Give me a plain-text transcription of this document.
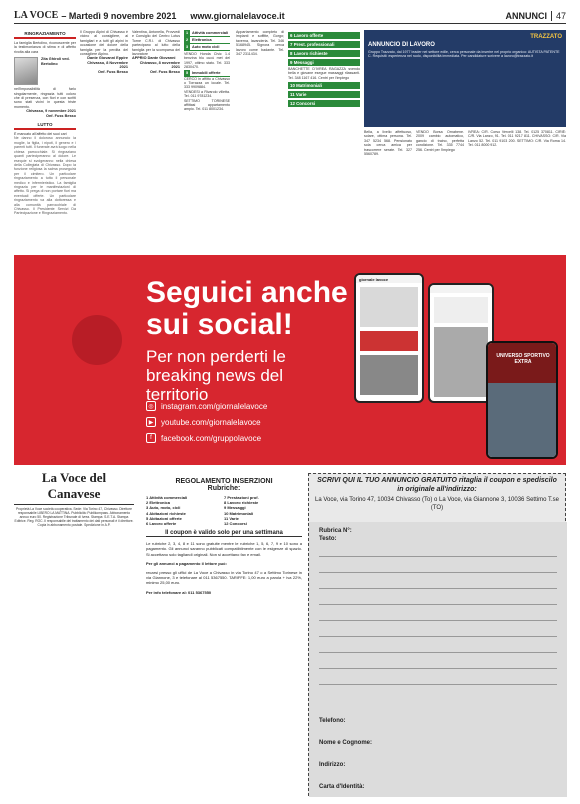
LA VOCE – Martedì 9 novembre 2021 www.giornalelavoce.it	ANNUNCI	47
RINGRAZIAMENTO
La famiglia Bertolino, riconoscente per la testimonianza di stima e di affetto rivolta alla cara
Zita Ghiroli ved. Bertolino
nell'impossibilità di farlo singolarmente, ringrazia tutti coloro che di presenza, con fiori e con scritti sono stati vicini in questa triste momento.
Chivasso, 9 novembre 2021
Onf. Fuss Besso
LUTTO
È mancato all'affetto dei suoi cari
Ne danno il doloroso annuncio la moglie, la figlia, i nipoti, il genero e i parenti tutti. Il funerale avrà luogo nella chiesa parrocchiale. Si ringraziano quanti parteciperanno al dolore. Le esequie si svolgeranno nella chiesa della Collegiata di Chivasso. Dopo la funzione religiosa la salma proseguirà per il cimitero. Un particolare ringraziamento a tutto il personale medico e infermieristico. La famiglia ringrazia per le manifestazioni di affetto. Si prega di non portare fiori ma eventuali offerte. Un particolare ringraziamento va alla dottoressa e alla comunità parrocchiale di Chivasso. Il Presidente Servizi Da Partecipazione e Ringraziamento.
Il Gruppo Alpini di Chivasso è vicino al consigliere, ai famigliari e a tutti gli alpini in occasione del dolore della famiglia per la perdita del consigliere Alpino.
Dante Giovanni Eppire
Chivasso, 8 Novembre 2021
Onf. Fuss Besso
Valentina, Antonella, Provvedi e Consiglio del Centro Lotus Torne C.R.I. di Chivasso partecipano al lutto della famiglia per la scomparsa del lavoratore
APPRIO Dante Giovanni
Chivasso, 8 novembre 2021
Onf. Fuss Besso
1	Attività commerciali
2	Elettronica
3	Auto moto cicli
VENDO Honda Civic 1.4 benzina blu cucù met del 1997, ottimo stato. Tel. 333 2830470.
5	Immobili offerte
CERCO in affitto a Chivasso o Torrazza un locale. Tel. 333 9909884.
VENDESI a Rivarolo villetta. Tel. 011 9781234.
SETTIMO TORINESE affittasi appartamento ampio. Tel. 011 8001234.
Appartamento completo di impianti e soffitte, Gorgo; taverna, lavanderia. Tel. 346 5168945. Signora cerca lavoro come badante. Tel. 347 2311434.
6 Lavoro offerte
7 Prest. professionali
8 Lavoro richieste
9 Messaggi
BANCHETTE D'IVREA RAGAZZA svendo bella e giovane esegue massaggi rilassanti. Tel. 348 1167 416. Centri per l'impiego
10 Matrimoniali
11 Varie
12 Concorsi
TRAZZATO
ANNUNCIO DI LAVORO
Gruppo Trazzato, dal 1977 leader nel settore edile, cerca personale da inserire nel proprio organico: AUTISTA PATENTE C. Requisiti: esperienza nel ruolo, disponibilità immediata. Per candidature scrivere a lavoro@trazzato.it
Bella, a livello affettuoso, solare, ottima persona. Tel. 347 5234 568. Pensionato sola cerca amica per trascorrere serate. Tel. 327 5560789.
VENDO Borsa Ornabene. 2009 cambio automatico, gancio di traino, perfetta condizione. Tel. 335 7744 256. Centri per l'impiego
IVREA: C/R. Corso Vercelli 138. Tel. 0125 370811. CIRIÈ: C/R. Via Lanzo, 91. Tel. 011 9217 811. CHIVASSO: C/R. Via Lanzo 52. Tel. 011 9103 200. SETTIMO: C/R. Via Roma 14. Tel. 011 8000 912.
Seguici anche sui social!
Per non perderti le breaking news del territorio
◎ instagram.com/giornalelavoce
▶ youtube.com/giornalelavoce
f	facebook.com/gruppolavoce
giornale lavoce
UNIVERSO SPORTIVO EXTRA
La Voce del Canavese
Proprietà La Voce società cooperativa. Sede: Via Torino 47, Chivasso. Direttore responsabile LIBERO LA MATTINA. Pubblicità: Publikompass. Abbonamento annuo euro 50. Registrazione Tribunale di Ivrea. Stampa: S.E.T.A. Stampa Editrice. Reg. ROC. Il responsabile del trattamento dei dati personali è il direttore. Copia in abbonamento postale. Spedizione in A.P.
REGOLAMENTO INSERZIONI
Rubriche:
1 Attività commerciali	7 Prestazioni prof.
2 Elettronica	8 Lavoro richieste
3 Auto, moto, cicli	9 Messaggi
4 Abitazioni richieste	10 Matrimoniali
5 Abitazioni offerte	11 Varie
6 Lavoro offerte	12 Concorsi
Il coupon è valido solo per una settimana
Le rubriche 2, 3, 4, 8 e 11 sono gratuite mentre le rubriche 1, 5, 6, 7, 9 e 10 sono a pagamento. Gli annunci saranno pubblicati compatibilmente con le esigenze di spazio. Si accettano solo tagliandi originali. Non si accettano fax e email.
Per gli annunci a pagamento il lettore può:
recarsi presso gli uffici de La Voce a Chivasso in via Torino 47 o a Settimo Torinese in via Giannone, 3 e telefonare al 011 5367550. TARIFFE: 1,00 euro a parola + iva 22%, minimo 25,00 euro.
Per info telefonare al: 011 5367550
SCRIVI QUI IL TUO ANNUNCIO GRATUITO ritaglia il coupon e spediscilo in originale all'indirizzo:
La Voce, via Torino 47, 10034 Chivasso (To) o La Voce, via Giannone 3, 10036 Settimo T.se (TO)
Rubrica N°:
Testo:
Telefono:
Nome e Cognome:
Indirizzo:
Carta d'Identità:
